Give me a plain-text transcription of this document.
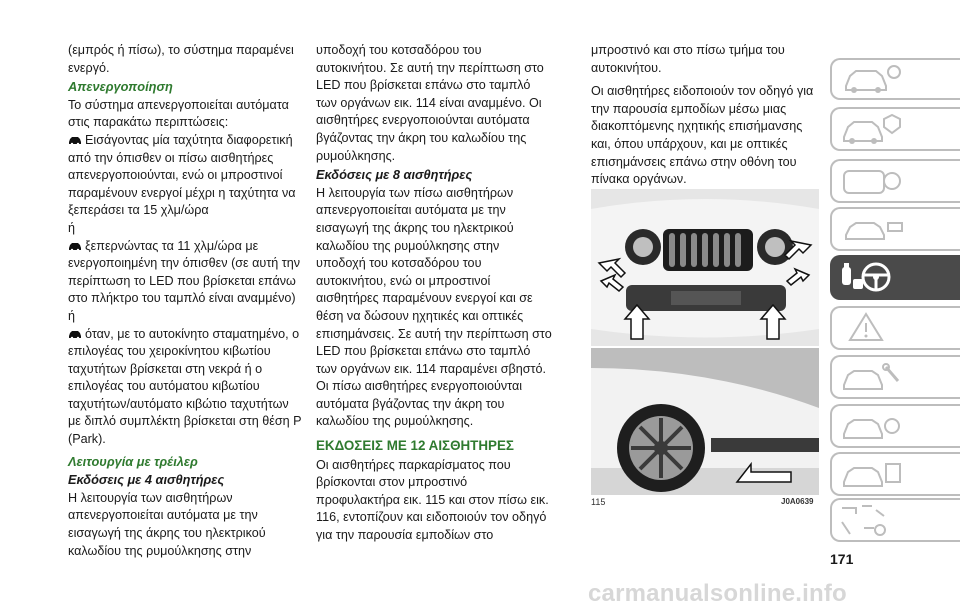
(εμπρός ή πίσω), το σύστημα παραμένει ενεργό.

Απενεργοποίηση

Το σύστημα απενεργοποιείται αυτόματα στις παρακάτω περιπτώσεις:

Εισάγοντας μία ταχύτητα διαφορετική από την όπισθεν οι πίσω αισθητήρες απενεργοποιούνται, ενώ οι μπροστινοί παραμένουν ενεργοί μέχρι η ταχύτητα να ξεπεράσει τα 15 χλμ/ώρα

ή

ξεπερνώντας τα 11 χλμ/ώρα με ενεργοποιημένη την όπισθεν (σε αυτή την περίπτωση το LED που βρίσκεται επάνω στο πλήκτρο του ταμπλό είναι αναμμένο)

ή

όταν, με το αυτοκίνητο σταματημένο, ο επιλογέας του χειροκίνητου κιβωτίου ταχυτήτων βρίσκεται στη νεκρά ή ο επιλογέας του αυτόματου κιβωτίου ταχυτήτων/αυτόματο κιβώτιο ταχυτήτων με διπλό συμπλέκτη βρίσκεται στη θέση P (Park).

Λειτουργία με τρέιλερ

Εκδόσεις με 4 αισθητήρες

Η λειτουργία των αισθητήρων απενεργοποιείται αυτόματα με την εισαγωγή της άκρης του ηλεκτρικού καλωδίου της ρυμούλκησης στην

υποδοχή του κοτσαδόρου του αυτοκινήτου. Σε αυτή την περίπτωση στο LED που βρίσκεται επάνω στο ταμπλό των οργάνων εικ. 114 είναι αναμμένο. Οι αισθητήρες ενεργοποιούνται αυτόματα βγάζοντας την άκρη του καλωδίου της ρυμούλκησης.

Εκδόσεις με 8 αισθητήρες

Η λειτουργία των πίσω αισθητήρων απενεργοποιείται αυτόματα με την εισαγωγή της άκρης του ηλεκτρικού καλωδίου της ρυμούλκησης στην υποδοχή του κοτσαδόρου του αυτοκινήτου, ενώ οι μπροστινοί αισθητήρες παραμένουν ενεργοί και σε θέση να δώσουν ηχητικές και οπτικές επισημάνσεις. Σε αυτή την περίπτωση στο LED που βρίσκεται επάνω στο ταμπλό των οργάνων εικ. 114 παραμένει σβηστό. Οι πίσω αισθητήρες ενεργοποιούνται αυτόματα βγάζοντας την άκρη του καλωδίου της ρυμούλκησης.

ΕΚΔΟΣΕΙΣ ΜΕ 12 ΑΙΣΘΗΤΗΡΕΣ

Οι αισθητήρες παρκαρίσματος που βρίσκονται στον μπροστινό προφυλακτήρα εικ. 115 και στον πίσω εικ. 116, εντοπίζουν και ειδοποιούν τον οδηγό για την παρουσία εμποδίων στο

μπροστινό και στο πίσω τμήμα του αυτοκινήτου.

Οι αισθητήρες ειδοποιούν τον οδηγό για την παρουσία εμποδίων μέσω μιας διακοπτόμενης ηχητικής επισήμανσης και, όπου υπάρχουν, και με οπτικές επισημάνσεις επάνω στην οθόνη του πίνακα οργάνων.

115	J0A0639
171
carmanualsonline.info
